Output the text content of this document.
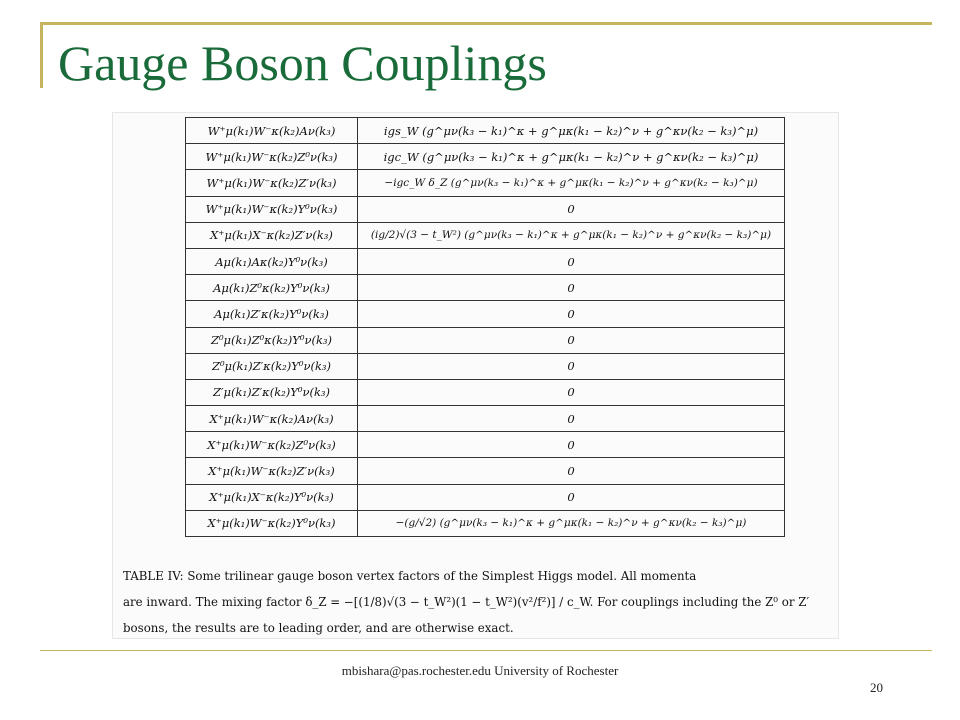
Gauge Boson Couplings
W⁺μ(k₁)W⁻κ(k₂)Aν(k₃)	igs_W (g^μν(k₃ − k₁)^κ + g^μκ(k₁ − k₂)^ν + g^κν(k₂ − k₃)^μ)
W⁺μ(k₁)W⁻κ(k₂)Z⁰ν(k₃)	igc_W (g^μν(k₃ − k₁)^κ + g^μκ(k₁ − k₂)^ν + g^κν(k₂ − k₃)^μ)
W⁺μ(k₁)W⁻κ(k₂)Z′ν(k₃)	−igc_W δ_Z (g^μν(k₃ − k₁)^κ + g^μκ(k₁ − k₂)^ν + g^κν(k₂ − k₃)^μ)
W⁺μ(k₁)W⁻κ(k₂)Y⁰ν(k₃)	0
X⁺μ(k₁)X⁻κ(k₂)Z′ν(k₃)	(ig/2)√(3 − t_W²) (g^μν(k₃ − k₁)^κ + g^μκ(k₁ − k₂)^ν + g^κν(k₂ − k₃)^μ)
Aμ(k₁)Aκ(k₂)Y⁰ν(k₃)	0
Aμ(k₁)Z⁰κ(k₂)Y⁰ν(k₃)	0
Aμ(k₁)Z′κ(k₂)Y⁰ν(k₃)	0
Z⁰μ(k₁)Z⁰κ(k₂)Y⁰ν(k₃)	0
Z⁰μ(k₁)Z′κ(k₂)Y⁰ν(k₃)	0
Z′μ(k₁)Z′κ(k₂)Y⁰ν(k₃)	0
X⁺μ(k₁)W⁻κ(k₂)Aν(k₃)	0
X⁺μ(k₁)W⁻κ(k₂)Z⁰ν(k₃)	0
X⁺μ(k₁)W⁻κ(k₂)Z′ν(k₃)	0
X⁺μ(k₁)X⁻κ(k₂)Y⁰ν(k₃)	0
X⁺μ(k₁)W⁻κ(k₂)Y⁰ν(k₃)	−(g/√2) (g^μν(k₃ − k₁)^κ + g^μκ(k₁ − k₂)^ν + g^κν(k₂ − k₃)^μ)

TABLE IV: Some trilinear gauge boson vertex factors of the Simplest Higgs model. All momenta

are inward. The mixing factor δ_Z = −[(1/8)√(3 − t_W²)(1 − t_W²)(v²/f²)] / c_W. For couplings including the Z⁰ or Z′

bosons, the results are to leading order, and are otherwise exact.

mbishara@pas.rochester.edu University of Rochester
20
